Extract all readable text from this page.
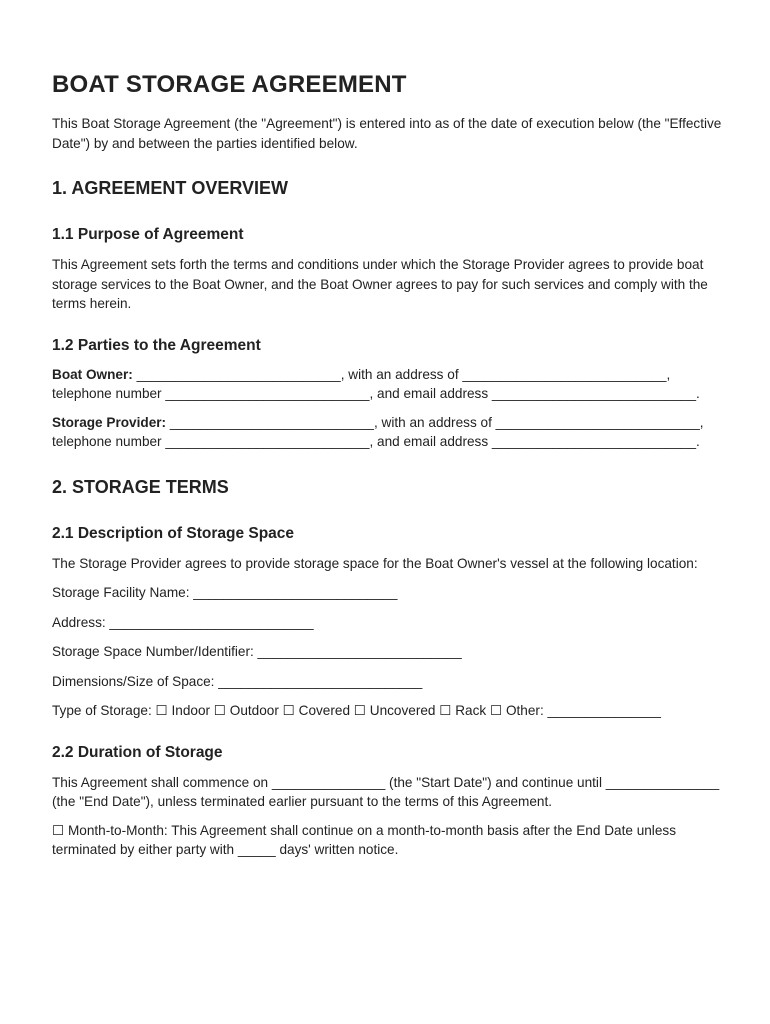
BOAT STORAGE AGREEMENT

This Boat Storage Agreement (the "Agreement") is entered into as of the date of execution below (the "Effective Date") by and between the parties identified below.

1. AGREEMENT OVERVIEW
1.1 Purpose of Agreement

This Agreement sets forth the terms and conditions under which the Storage Provider agrees to provide boat storage services to the Boat Owner, and the Boat Owner agrees to pay for such services and comply with the terms herein.

1.2 Parties to the Agreement

Boat Owner: ___________________________, with an address of ___________________________, telephone number ___________________________, and email address ___________________________.

Storage Provider: ___________________________, with an address of ___________________________, telephone number ___________________________, and email address ___________________________.

2. STORAGE TERMS
2.1 Description of Storage Space

The Storage Provider agrees to provide storage space for the Boat Owner's vessel at the following location:

Storage Facility Name: ___________________________

Address: ___________________________

Storage Space Number/Identifier: ___________________________

Dimensions/Size of Space: ___________________________

Type of Storage: ☐ Indoor ☐ Outdoor ☐ Covered ☐ Uncovered ☐ Rack ☐ Other: _______________

2.2 Duration of Storage

This Agreement shall commence on _______________ (the "Start Date") and continue until _______________ (the "End Date"), unless terminated earlier pursuant to the terms of this Agreement.

☐ Month-to-Month: This Agreement shall continue on a month-to-month basis after the End Date unless terminated by either party with _____ days' written notice.
